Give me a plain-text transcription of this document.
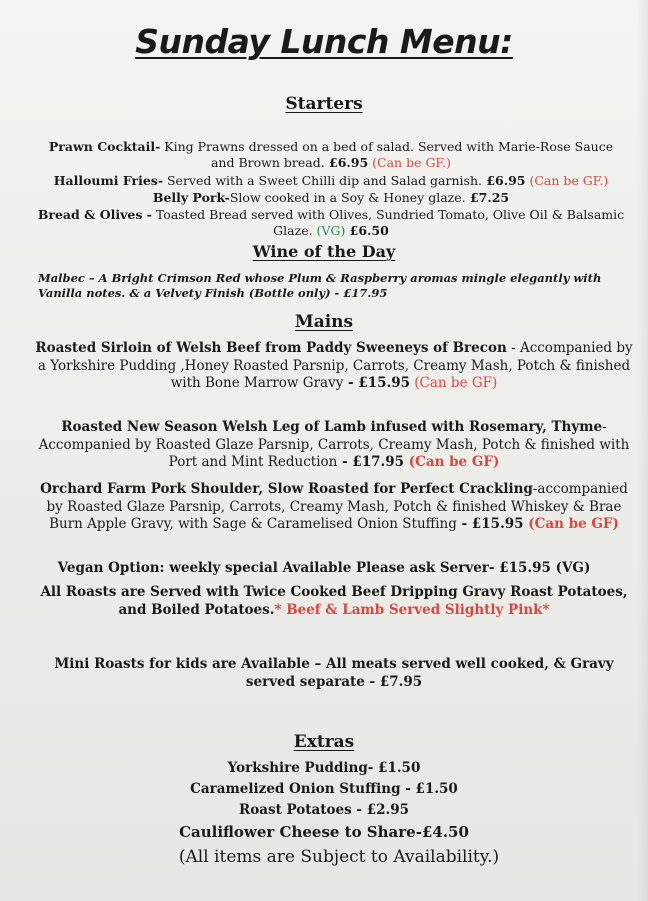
Sunday Lunch Menu:
Starters
Prawn Cocktail- King Prawns dressed on a bed of salad. Served with Marie-Rose Sauce and Brown bread. £6.95 (Can be GF.)
Halloumi Fries- Served with a Sweet Chilli dip and Salad garnish. £6.95 (Can be GF.)
Belly Pork-Slow cooked in a Soy & Honey glaze. £7.25
Bread & Olives - Toasted Bread served with Olives, Sundried Tomato, Olive Oil & Balsamic Glaze. (VG) £6.50
Wine of the Day
Malbec – A Bright Crimson Red whose Plum & Raspberry aromas mingle elegantly with Vanilla notes. & a Velvety Finish (Bottle only) - £17.95
Mains
Roasted Sirloin of Welsh Beef from Paddy Sweeneys of Brecon - Accompanied by a Yorkshire Pudding ,Honey Roasted Parsnip, Carrots, Creamy Mash, Potch & finished with Bone Marrow Gravy - £15.95 (Can be GF)
Roasted New Season Welsh Leg of Lamb infused with Rosemary, Thyme- Accompanied by Roasted Glaze Parsnip, Carrots, Creamy Mash, Potch & finished with Port and Mint Reduction - £17.95 (Can be GF)
Orchard Farm Pork Shoulder, Slow Roasted for Perfect Crackling-accompanied by Roasted Glaze Parsnip, Carrots, Creamy Mash, Potch & finished Whiskey & Brae Burn Apple Gravy, with Sage & Caramelised Onion Stuffing - £15.95 (Can be GF)
Vegan Option: weekly special Available Please ask Server- £15.95 (VG)
All Roasts are Served with Twice Cooked Beef Dripping Gravy Roast Potatoes, and Boiled Potatoes.* Beef & Lamb Served Slightly Pink*
Mini Roasts for kids are Available – All meats served well cooked, & Gravy served separate - £7.95
Extras
Yorkshire Pudding- £1.50
Caramelized Onion Stuffing - £1.50
Roast Potatoes - £2.95
Cauliflower Cheese to Share-£4.50
(All items are Subject to Availability.)
